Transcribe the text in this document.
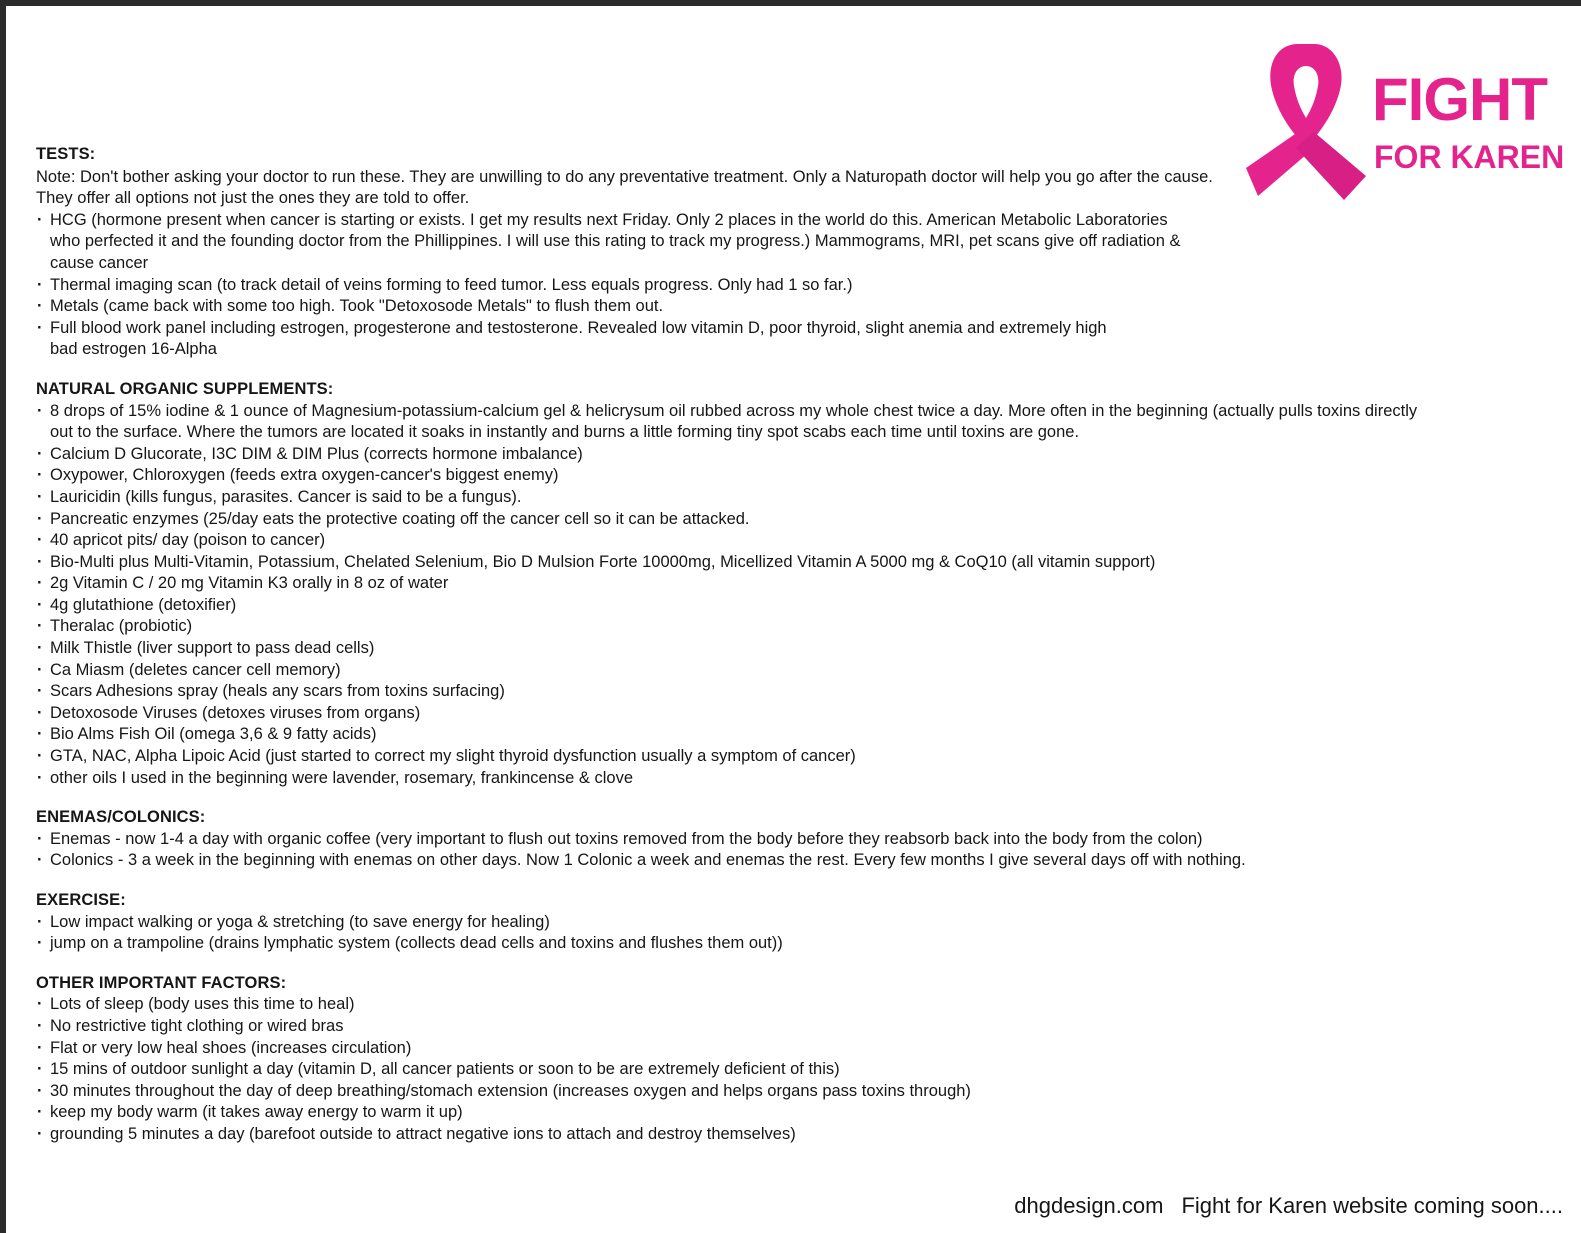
FIGHT
FOR KAREN
TESTS:
Note: Don't bother asking your doctor to run these. They are unwilling to do any preventative treatment. Only a Naturopath doctor will help you go after the cause. They offer all options not just the ones they are told to offer.
· HCG (hormone present when cancer is starting or exists. I get my results next Friday. Only 2 places in the world do this. American Metabolic Laboratories who perfected it and the founding doctor from the Phillippines. I will use this rating to track my progress.) Mammograms, MRI, pet scans give off radiation & cause cancer
· Thermal imaging scan (to track detail of veins forming to feed tumor. Less equals progress. Only had 1 so far.)
· Metals (came back with some too high. Took "Detoxosode Metals" to flush them out.
· Full blood work panel including estrogen, progesterone and testosterone. Revealed low vitamin D, poor thyroid, slight anemia and extremely high bad estrogen 16-Alpha
NATURAL ORGANIC SUPPLEMENTS:
· 8 drops of 15% iodine & 1 ounce of Magnesium-potassium-calcium gel & helicrysum oil rubbed across my whole chest twice a day. More often in the beginning (actually pulls toxins directly out to the surface. Where the tumors are located it soaks in instantly and burns a little forming tiny spot scabs each time until toxins are gone.
· Calcium D Glucorate, I3C DIM & DIM Plus (corrects hormone imbalance)
· Oxypower, Chloroxygen (feeds extra oxygen-cancer's biggest enemy)
· Lauricidin (kills fungus, parasites. Cancer is said to be a fungus).
· Pancreatic enzymes (25/day eats the protective coating off the cancer cell so it can be attacked.
· 40 apricot pits/ day (poison to cancer)
· Bio-Multi plus Multi-Vitamin, Potassium, Chelated Selenium, Bio D Mulsion Forte 10000mg, Micellized Vitamin A 5000 mg & CoQ10 (all vitamin support)
· 2g Vitamin C / 20 mg Vitamin K3 orally in 8 oz of water
· 4g glutathione (detoxifier)
· Theralac (probiotic)
· Milk Thistle (liver support to pass dead cells)
· Ca Miasm (deletes cancer cell memory)
· Scars Adhesions spray (heals any scars from toxins surfacing)
· Detoxosode Viruses (detoxes viruses from organs)
· Bio Alms Fish Oil (omega 3,6 & 9 fatty acids)
· GTA, NAC, Alpha Lipoic Acid (just started to correct my slight thyroid dysfunction usually a symptom of cancer)
· other oils I used in the beginning were lavender, rosemary, frankincense & clove
ENEMAS/COLONICS:
· Enemas - now 1-4 a day with organic coffee (very important to flush out toxins removed from the body before they reabsorb back into the body from the colon)
· Colonics - 3 a week in the beginning with enemas on other days. Now 1 Colonic a week and enemas the rest. Every few months I give several days off with nothing.
EXERCISE:
· Low impact walking or yoga & stretching (to save energy for healing)
· jump on a trampoline (drains lymphatic system (collects dead cells and toxins and flushes them out))
OTHER IMPORTANT FACTORS:
· Lots of sleep (body uses this time to heal)
· No restrictive tight clothing or wired bras
· Flat or very low heal shoes (increases circulation)
· 15 mins of outdoor sunlight a day (vitamin D, all cancer patients or soon to be are extremely deficient of this)
· 30 minutes throughout the day of deep breathing/stomach extension (increases oxygen and helps organs pass toxins through)
· keep my body warm (it takes away energy to warm it up)
· grounding 5 minutes a day (barefoot outside to attract negative ions to attach and destroy themselves)
dhgdesign.com Fight for Karen website coming soon....
